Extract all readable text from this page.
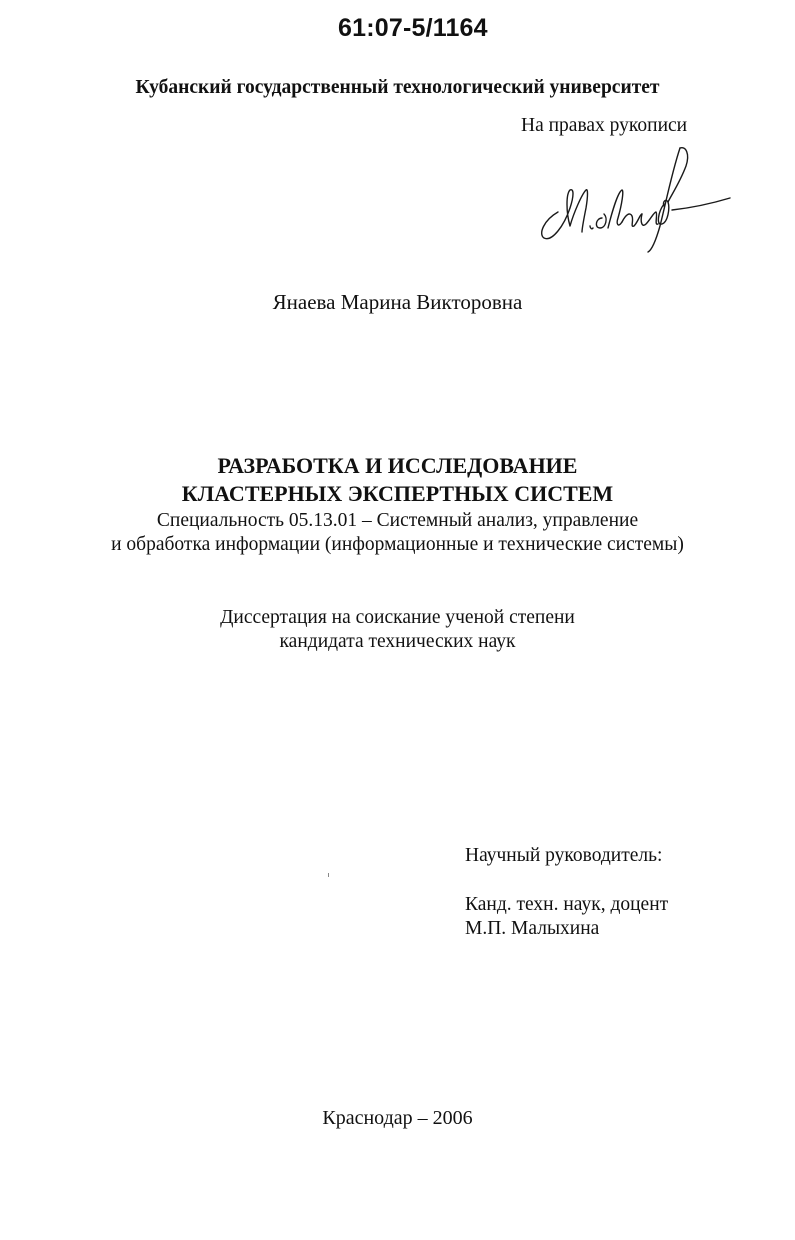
61:07-5/1164
Кубанский государственный технологический университет
На правах рукописи
Янаева Марина Викторовна
РАЗРАБОТКА И ИССЛЕДОВАНИЕ
КЛАСТЕРНЫХ ЭКСПЕРТНЫХ СИСТЕМ
Специальность 05.13.01 – Системный анализ, управление
и обработка информации (информационные и технические системы)
Диссертация на соискание ученой степени
кандидата технических наук
Научный руководитель:
Канд. техн. наук, доцент
М.П. Малыхина
Краснодар – 2006
